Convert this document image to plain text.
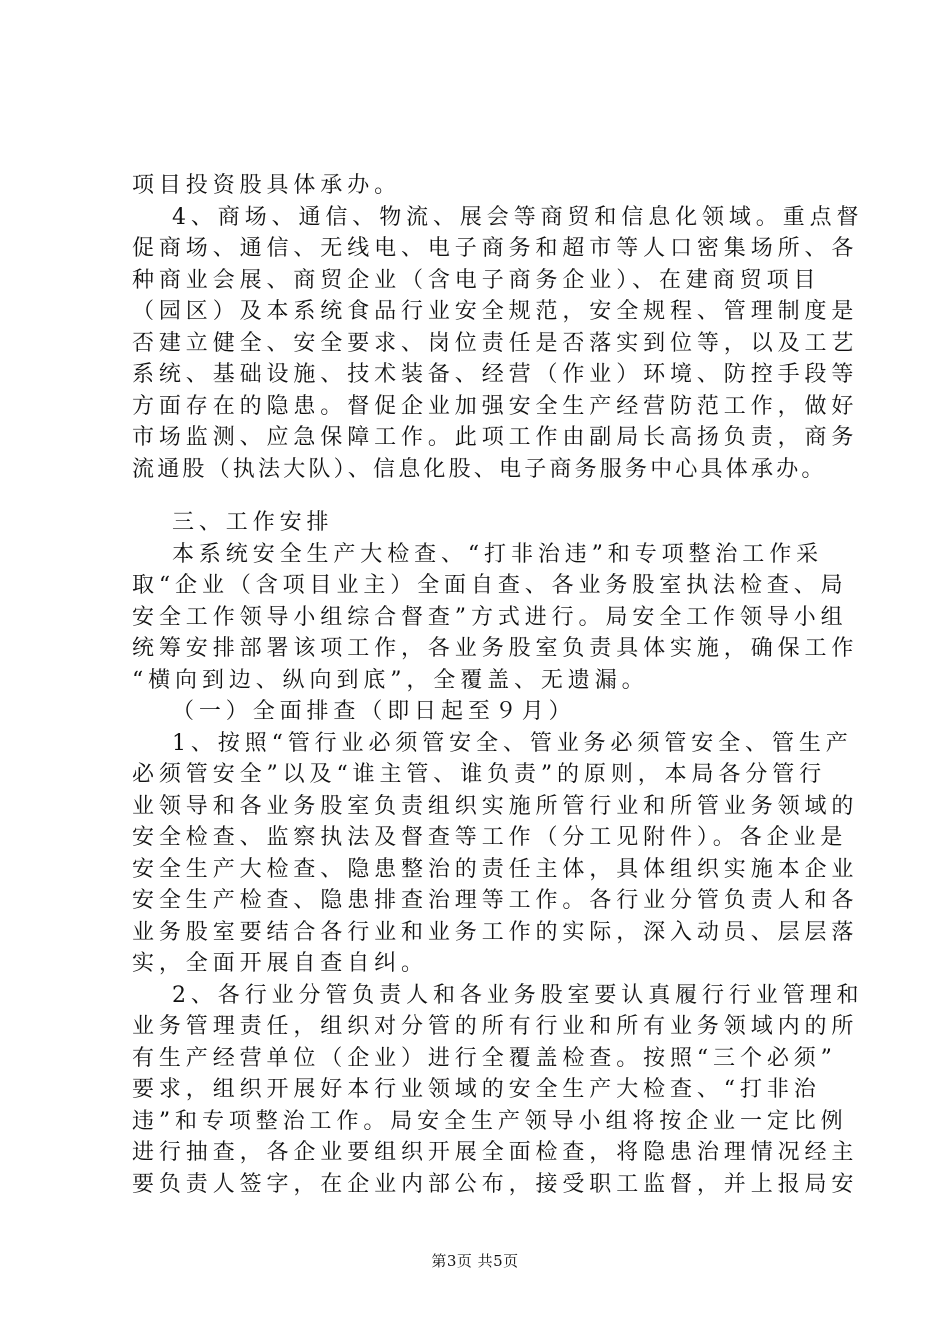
项目投资股具体承办。
4、商场、通信、物流、展会等商贸和信息化领域。重点督
促商场、通信、无线电、电子商务和超市等人口密集场所、各
种商业会展、商贸企业（含电子商务企业）、在建商贸项目
（园区）及本系统食品行业安全规范，安全规程、管理制度是
否建立健全、安全要求、岗位责任是否落实到位等，以及工艺
系统、基础设施、技术装备、经营（作业）环境、防控手段等
方面存在的隐患。督促企业加强安全生产经营防范工作，做好
市场监测、应急保障工作。此项工作由副局长高扬负责，商务
流通股（执法大队）、信息化股、电子商务服务中心具体承办。
三、工作安排
本系统安全生产大检查、“打非治违”和专项整治工作采
取“企业（含项目业主）全面自查、各业务股室执法检查、局
安全工作领导小组综合督查”方式进行。局安全工作领导小组
统筹安排部署该项工作，各业务股室负责具体实施，确保工作
“横向到边、纵向到底”，全覆盖、无遗漏。
（一）全面排查（即日起至９月）
1、按照“管行业必须管安全、管业务必须管安全、管生产
必须管安全”以及“谁主管、谁负责”的原则，本局各分管行
业领导和各业务股室负责组织实施所管行业和所管业务领域的
安全检查、监察执法及督查等工作（分工见附件）。各企业是
安全生产大检查、隐患整治的责任主体，具体组织实施本企业
安全生产检查、隐患排查治理等工作。各行业分管负责人和各
业务股室要结合各行业和业务工作的实际，深入动员、层层落
实，全面开展自查自纠。
2、各行业分管负责人和各业务股室要认真履行行业管理和
业务管理责任，组织对分管的所有行业和所有业务领域内的所
有生产经营单位（企业）进行全覆盖检查。按照“三个必须”
要求，组织开展好本行业领域的安全生产大检查、“打非治
违”和专项整治工作。局安全生产领导小组将按企业一定比例
进行抽查，各企业要组织开展全面检查，将隐患治理情况经主
要负责人签字，在企业内部公布，接受职工监督，并上报局安
第3页 共5页
